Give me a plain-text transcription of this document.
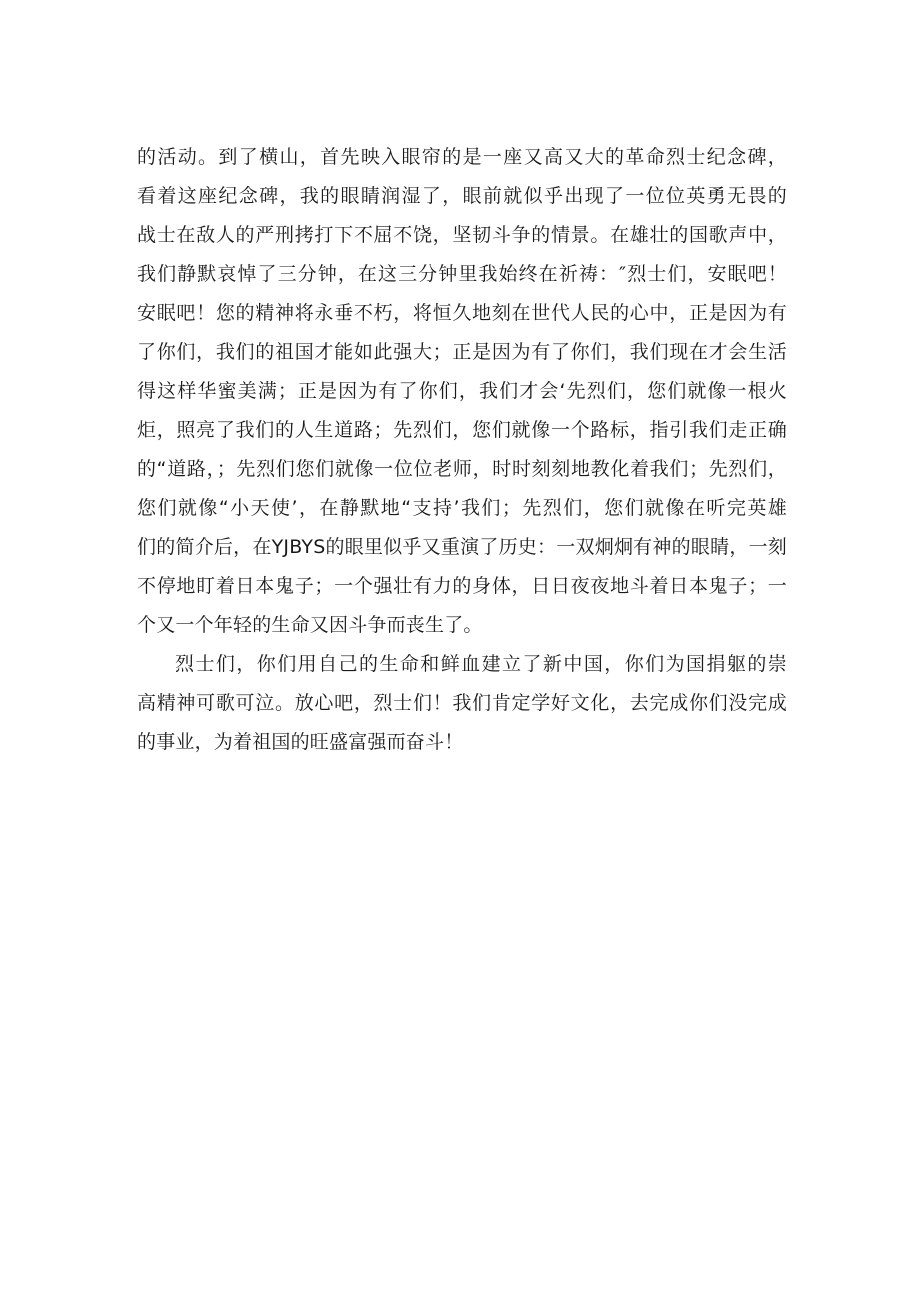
的活动。到了横山，首先映入眼帘的是一座又高又大的革命烈士纪念碑，
看着这座纪念碑，我的眼睛润湿了，眼前就似乎出现了一位位英勇无畏的
战士在敌人的严刑拷打下不屈不饶，坚韧斗争的情景。在雄壮的国歌声中，
我们静默哀悼了三分钟，在这三分钟里我始终在祈祷：″烈士们，安眠吧！
安眠吧！您的精神将永垂不朽，将恒久地刻在世代人民的心中，正是因为有
了你们，我们的祖国才能如此强大；正是因为有了你们，我们现在才会生活
得这样华蜜美满；正是因为有了你们，我们才会‘先烈们，您们就像一根火
炬，照亮了我们的人生道路；先烈们，您们就像一个路标，指引我们走正确
的“道路，；先烈们您们就像一位位老师，时时刻刻地教化着我们；先烈们，
您们就像“小天使’，在静默地“支持’我们；先烈们，您们就像在听完英雄
们的简介后，在YJBYS的眼里似乎又重演了历史：一双炯炯有神的眼睛，一刻
不停地盯着日本鬼子；一个强壮有力的身体，日日夜夜地斗着日本鬼子；一
个又一个年轻的生命又因斗争而丧生了。
烈士们，你们用自己的生命和鲜血建立了新中国，你们为国捐躯的崇
高精神可歌可泣。放心吧，烈士们！我们肯定学好文化，去完成你们没完成
的事业，为着祖国的旺盛富强而奋斗！
